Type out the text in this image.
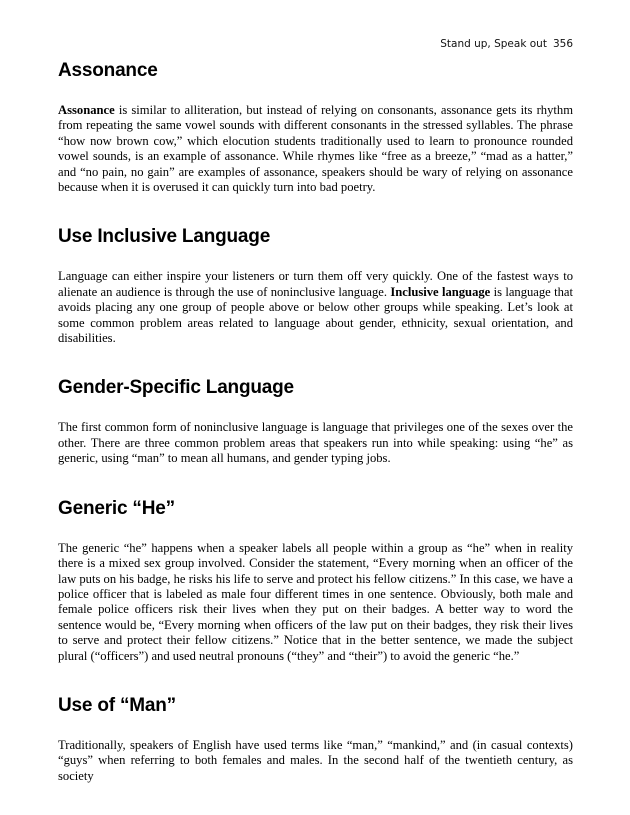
Stand up, Speak out 356
Assonance

Assonance is similar to alliteration, but instead of relying on consonants, assonance gets its rhythm from repeating the same vowel sounds with different consonants in the stressed syllables. The phrase “how now brown cow,” which elocution students traditionally used to learn to pronounce rounded vowel sounds, is an example of assonance. While rhymes like “free as a breeze,” “mad as a hatter,” and “no pain, no gain” are examples of assonance, speakers should be wary of relying on assonance because when it is overused it can quickly turn into bad poetry.

Use Inclusive Language

Language can either inspire your listeners or turn them off very quickly. One of the fastest ways to alienate an audience is through the use of noninclusive language. Inclusive language is language that avoids placing any one group of people above or below other groups while speaking. Let’s look at some common problem areas related to language about gender, ethnicity, sexual orientation, and disabilities.

Gender-Specific Language

The first common form of noninclusive language is language that privileges one of the sexes over the other. There are three common problem areas that speakers run into while speaking: using “he” as generic, using “man” to mean all humans, and gender typing jobs.

Generic “He”

The generic “he” happens when a speaker labels all people within a group as “he” when in reality there is a mixed sex group involved. Consider the statement, “Every morning when an officer of the law puts on his badge, he risks his life to serve and protect his fellow citizens.” In this case, we have a police officer that is labeled as male four different times in one sentence. Obviously, both male and female police officers risk their lives when they put on their badges. A better way to word the sentence would be, “Every morning when officers of the law put on their badges, they risk their lives to serve and protect their fellow citizens.” Notice that in the better sentence, we made the subject plural (“officers”) and used neutral pronouns (“they” and “their”) to avoid the generic “he.”

Use of “Man”

Traditionally, speakers of English have used terms like “man,” “mankind,” and (in casual contexts) “guys” when referring to both females and males. In the second half of the twentieth century, as society
